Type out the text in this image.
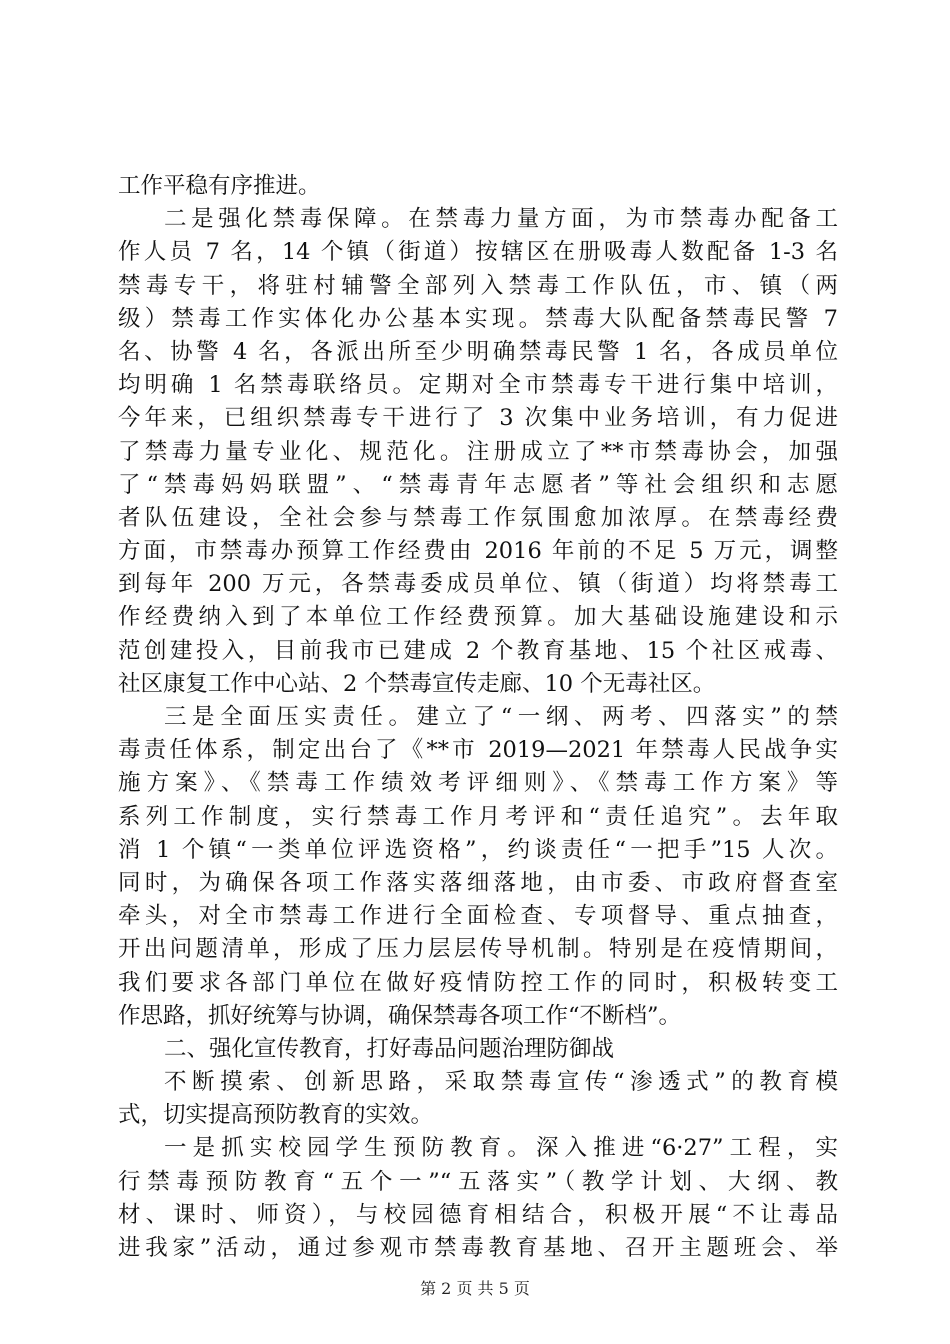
工作平稳有序推进。
二是强化禁毒保障。在禁毒力量方面，为市禁毒办配备工
作人员 7 名，14 个镇（街道）按辖区在册吸毒人数配备 1-3 名
禁毒专干，将驻村辅警全部列入禁毒工作队伍，市、镇（两
级）禁毒工作实体化办公基本实现。禁毒大队配备禁毒民警 7
名、协警 4 名，各派出所至少明确禁毒民警 1 名，各成员单位
均明确 1 名禁毒联络员。定期对全市禁毒专干进行集中培训，
今年来，已组织禁毒专干进行了 3 次集中业务培训，有力促进
了禁毒力量专业化、规范化。注册成立了**市禁毒协会，加强
了“禁毒妈妈联盟”、“禁毒青年志愿者”等社会组织和志愿
者队伍建设，全社会参与禁毒工作氛围愈加浓厚。在禁毒经费
方面，市禁毒办预算工作经费由 2016 年前的不足 5 万元，调整
到每年 200 万元，各禁毒委成员单位、镇（街道）均将禁毒工
作经费纳入到了本单位工作经费预算。加大基础设施建设和示
范创建投入，目前我市已建成 2 个教育基地、15 个社区戒毒、
社区康复工作中心站、2 个禁毒宣传走廊、10 个无毒社区。
三是全面压实责任。建立了“一纲、两考、四落实”的禁
毒责任体系，制定出台了《**市 2019—2021 年禁毒人民战争实
施方案》、《禁毒工作绩效考评细则》、《禁毒工作方案》等
系列工作制度，实行禁毒工作月考评和“责任追究”。去年取
消 1 个镇“一类单位评选资格”，约谈责任“一把手”15 人次。
同时，为确保各项工作落实落细落地，由市委、市政府督查室
牵头，对全市禁毒工作进行全面检查、专项督导、重点抽查，
开出问题清单，形成了压力层层传导机制。特别是在疫情期间，
我们要求各部门单位在做好疫情防控工作的同时，积极转变工
作思路，抓好统筹与协调，确保禁毒各项工作“不断档”。
二、强化宣传教育，打好毒品问题治理防御战
不断摸索、创新思路，采取禁毒宣传“渗透式”的教育模
式，切实提高预防教育的实效。
一是抓实校园学生预防教育。深入推进“6·27”工程，实
行禁毒预防教育“五个一”“五落实”（教学计划、大纲、教
材、课时、师资），与校园德育相结合，积极开展“不让毒品
进我家”活动，通过参观市禁毒教育基地、召开主题班会、举
第 2 页 共 5 页
